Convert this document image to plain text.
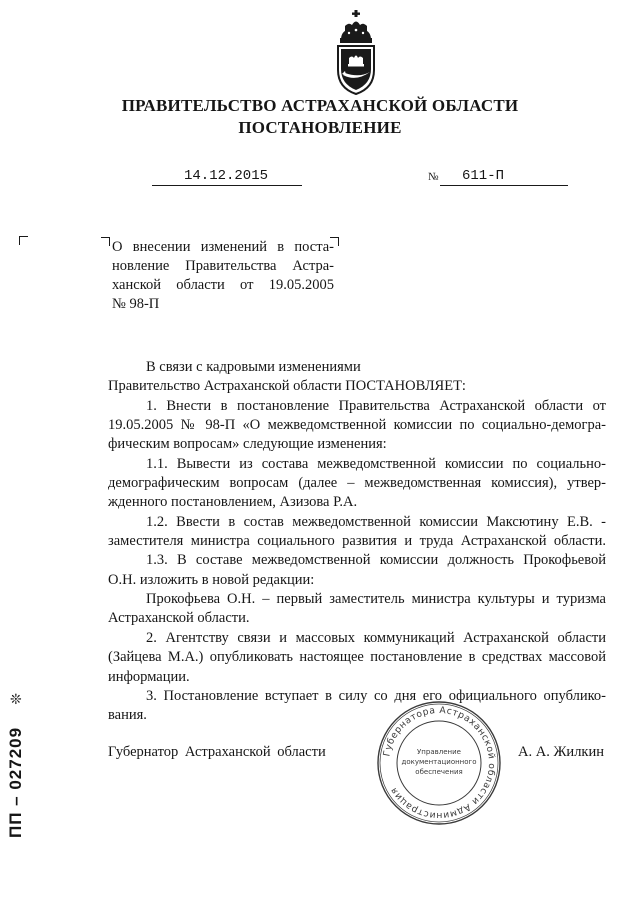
ПРАВИТЕЛЬСТВО АСТРАХАНСКОЙ ОБЛАСТИ
ПОСТАНОВЛЕНИЕ
14.12.2015	№	611-П
О внесении изменений в поста-
новление Правительства Астра-
ханской области от 19.05.2005
№ 98-П
В связи с кадровыми изменениями
Правительство Астраханской области ПОСТАНОВЛЯЕТ:
1. Внести в постановление Правительства Астраханской области от
19.05.2005 № 98-П «О межведомственной комиссии по социально-демогра-
фическим вопросам» следующие изменения:
1.1. Вывести из состава межведомственной комиссии по социально-
демографическим вопросам (далее – межведомственная комиссия), утвер-
жденного постановлением, Азизова Р.А.
1.2. Ввести в состав межведомственной комиссии Максютину Е.В. -
заместителя министра социального развития и труда Астраханской области.
1.3. В составе межведомственной комиссии должность Прокофьевой
О.Н. изложить в новой редакции:
Прокофьева О.Н. – первый заместитель министра культуры и туризма
Астраханской области.
2. Агентству связи и массовых коммуникаций Астраханской области
(Зайцева М.А.) опубликовать настоящее постановление в средствах массовой
информации.
3. Постановление вступает в силу со дня его официального опублико-
вания.
Губернатор Астраханской области	А. А. Жилкин
Губернатора Астраханской области Администрация
Управление
документационного
обеспечения
❊
ПП – 027209
